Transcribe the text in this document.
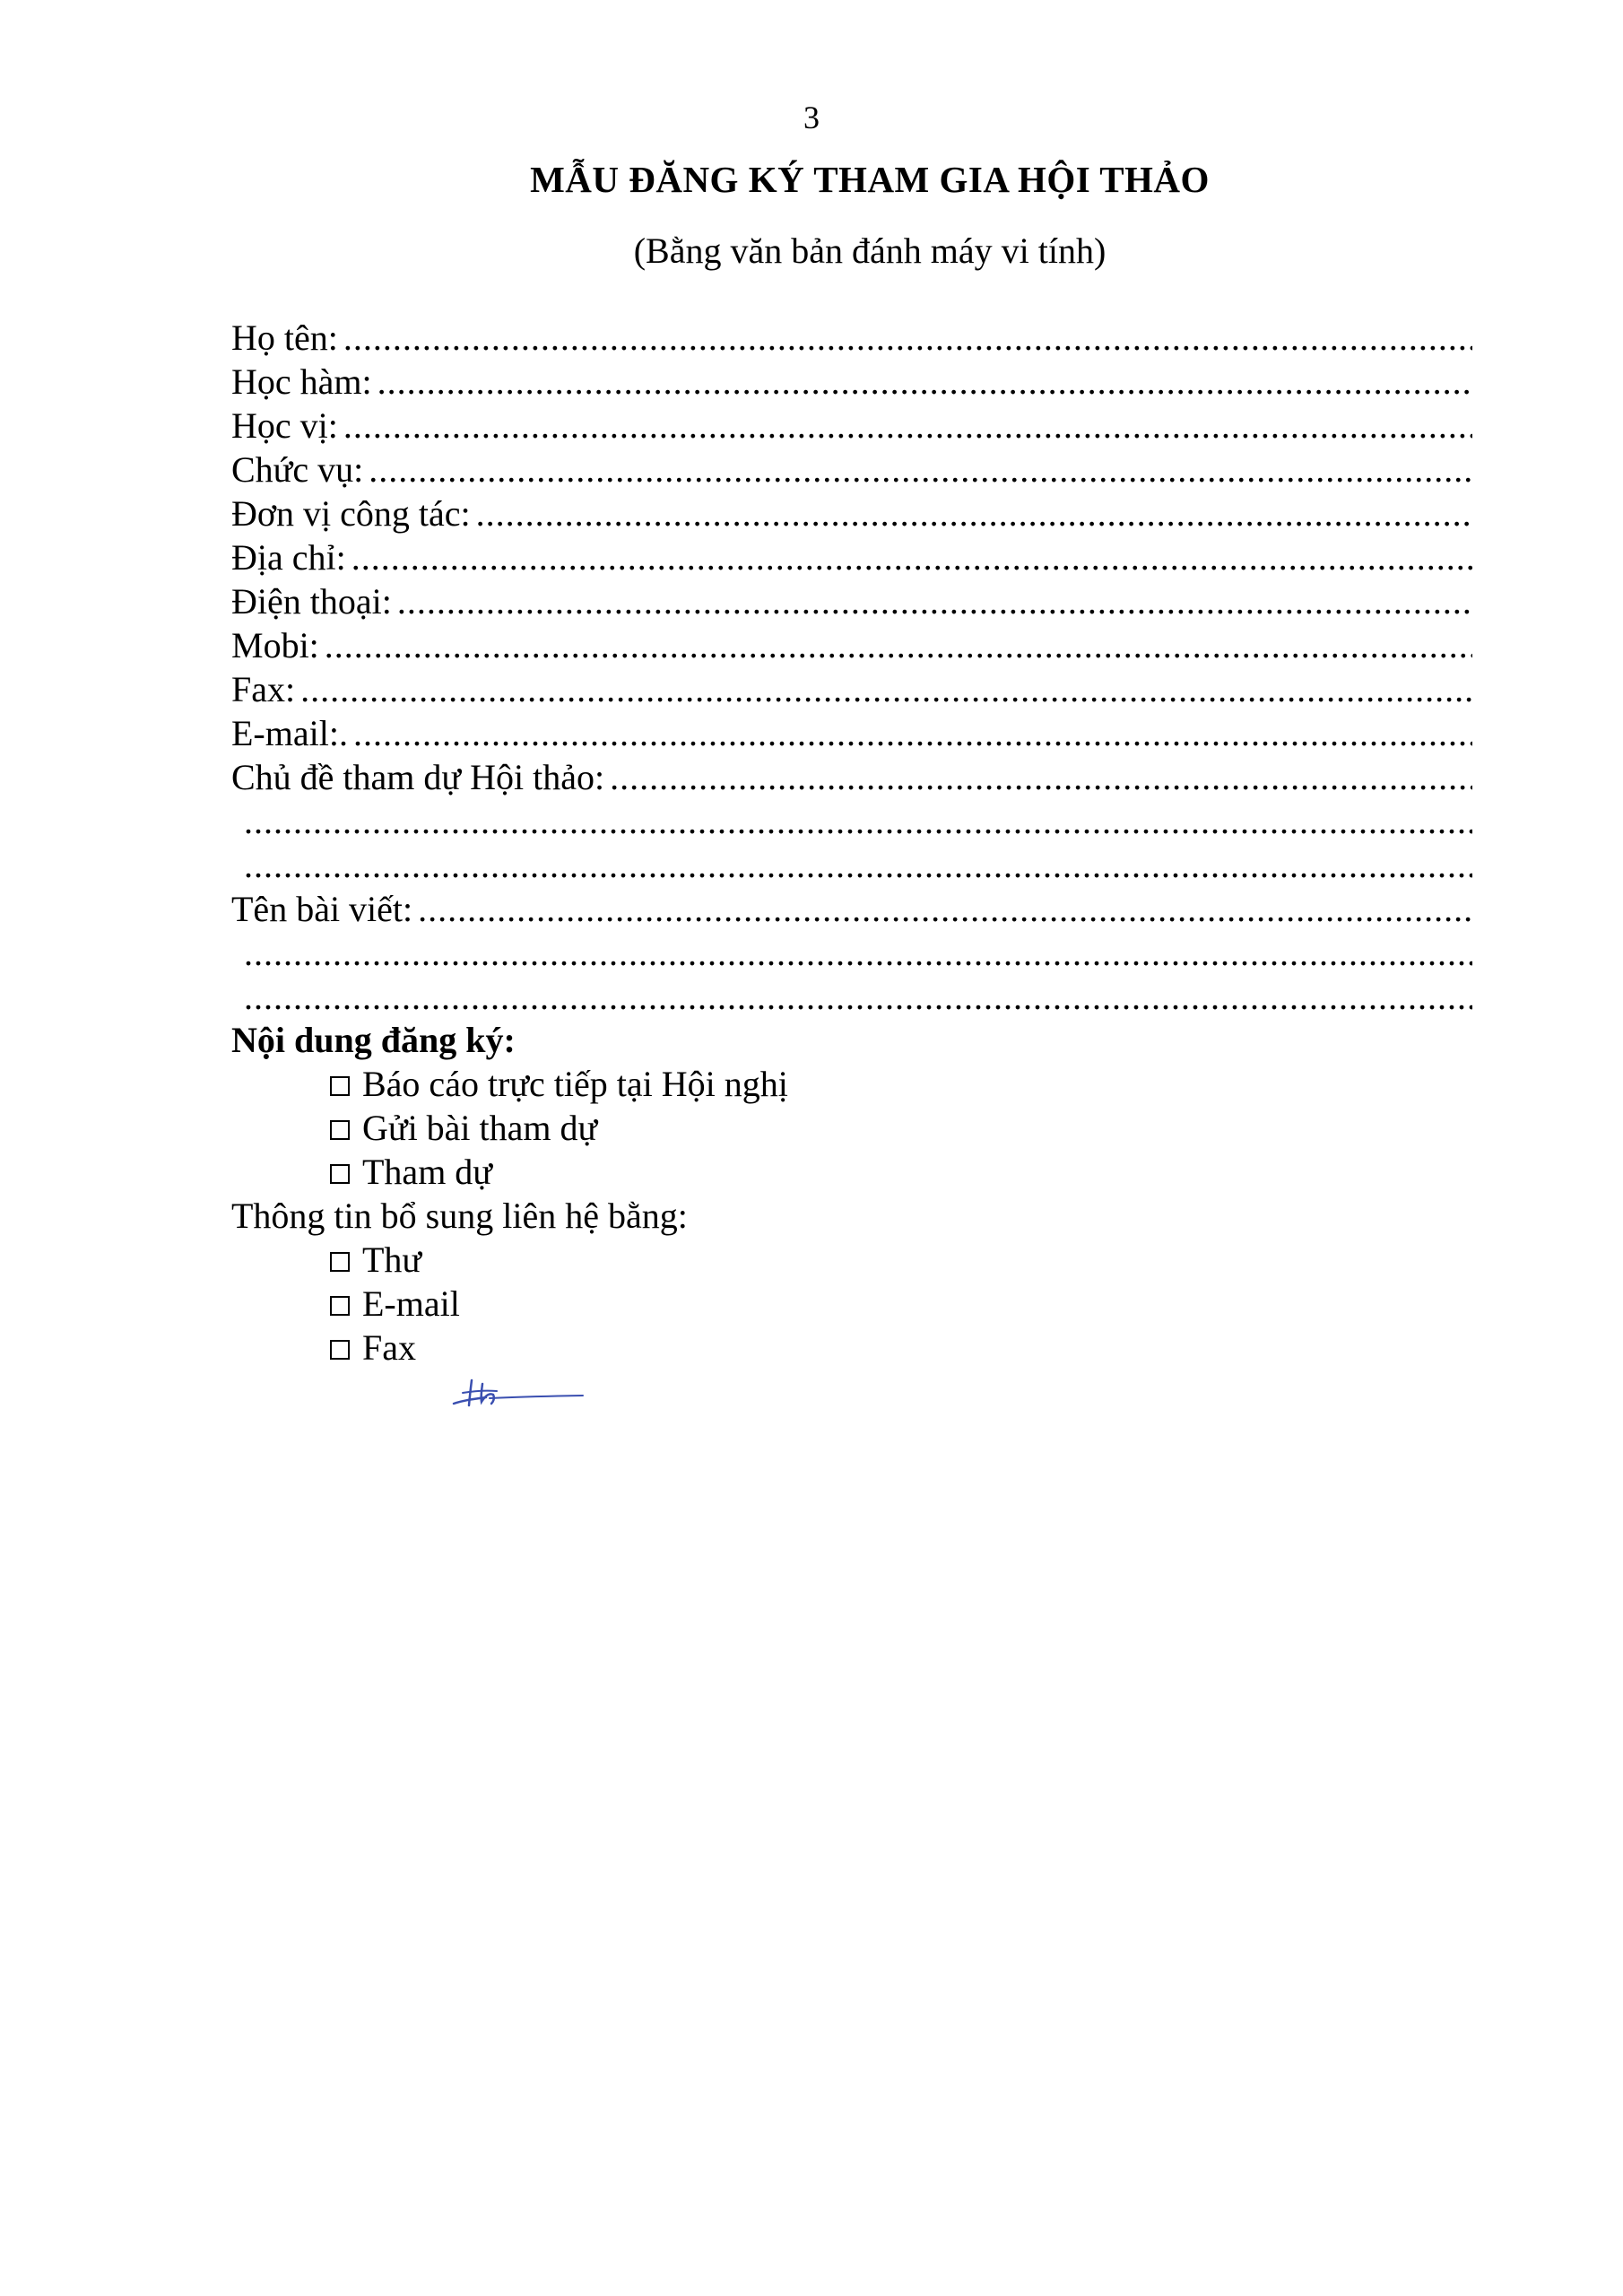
3
MẪU ĐĂNG KÝ THAM GIA HỘI THẢO
(Bằng văn bản đánh máy vi tính)
Họ tên:
.....
Học hàm:
.....
Học vị:
.....
Chức vụ:
.....
Đơn vị công tác:
.....
Địa chỉ:
.....
Điện thoại:
.....
Mobi:
.....
Fax:
.....
E-mail:.
.....
Chủ đề tham dự Hội thảo:
.....
.....
.....
Tên bài viết:
.....
.....
.....
Nội dung đăng ký:
Báo cáo trực tiếp tại Hội nghị
Gửi bài tham dự
Tham dự
Thông tin bổ sung liên hệ bằng:
Thư
E-mail
Fax
